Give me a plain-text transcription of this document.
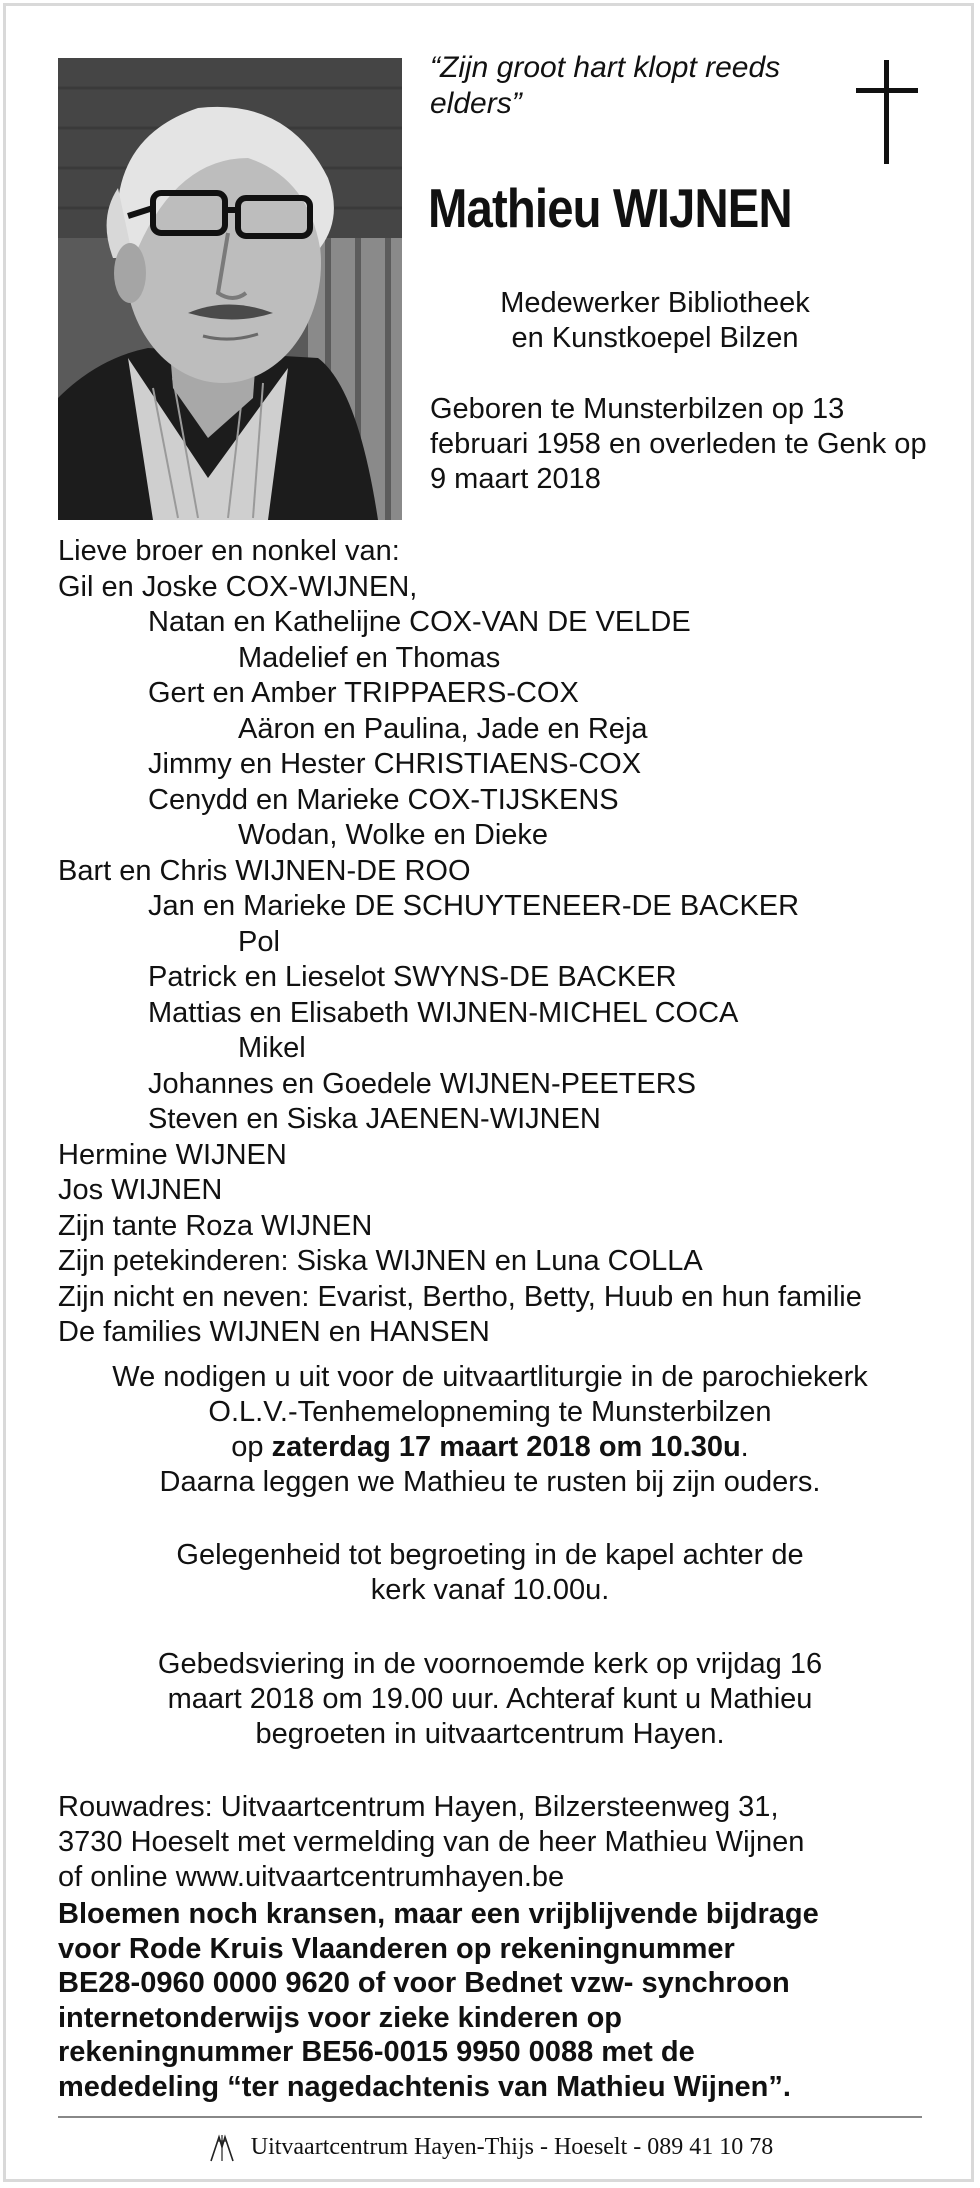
“Zijn groot hart klopt reeds elders”
Mathieu WIJNEN
Medewerker Bibliotheek
en Kunstkoepel Bilzen
Geboren te Munsterbilzen op 13 februari 1958 en overleden te Genk op 9 maart 2018
Lieve broer en nonkel van:
Gil en Joske COX-WIJNEN,
Natan en Kathelijne COX-VAN DE VELDE
Madelief en Thomas
Gert en Amber TRIPPAERS-COX
Aäron en Paulina, Jade en Reja
Jimmy en Hester CHRISTIAENS-COX
Cenydd en Marieke COX-TIJSKENS
Wodan, Wolke en Dieke
Bart en Chris WIJNEN-DE ROO
Jan en Marieke DE SCHUYTENEER-DE BACKER
Pol
Patrick en Lieselot SWYNS-DE BACKER
Mattias en Elisabeth WIJNEN-MICHEL COCA
Mikel
Johannes en Goedele WIJNEN-PEETERS
Steven en Siska JAENEN-WIJNEN
Hermine WIJNEN
Jos WIJNEN
Zijn tante Roza WIJNEN
Zijn petekinderen: Siska WIJNEN en Luna COLLA
Zijn nicht en neven: Evarist, Bertho, Betty, Huub en hun familie
De families WIJNEN en HANSEN
We nodigen u uit voor de uitvaartliturgie in de parochiekerk
O.L.V.-Tenhemelopneming te Munsterbilzen
op zaterdag 17 maart 2018 om 10.30u.
Daarna leggen we Mathieu te rusten bij zijn ouders.
Gelegenheid tot begroeting in de kapel achter de kerk vanaf 10.00u.
Gebedsviering in de voornoemde kerk op vrijdag 16 maart 2018 om 19.00 uur. Achteraf kunt u Mathieu begroeten in uitvaartcentrum Hayen.
Rouwadres: Uitvaartcentrum Hayen, Bilzersteenweg 31,
3730 Hoeselt met vermelding van de heer Mathieu Wijnen
of online www.uitvaartcentrumhayen.be
Bloemen noch kransen, maar een vrijblijvende bijdrage
voor Rode Kruis Vlaanderen op rekeningnummer
BE28-0960 0000 9620 of voor Bednet vzw- synchroon
internetonderwijs voor zieke kinderen op
rekeningnummer BE56-0015 9950 0088 met de
mededeling “ter nagedachtenis van Mathieu Wijnen”.
Uitvaartcentrum Hayen-Thijs - Hoeselt - 089 41 10 78
